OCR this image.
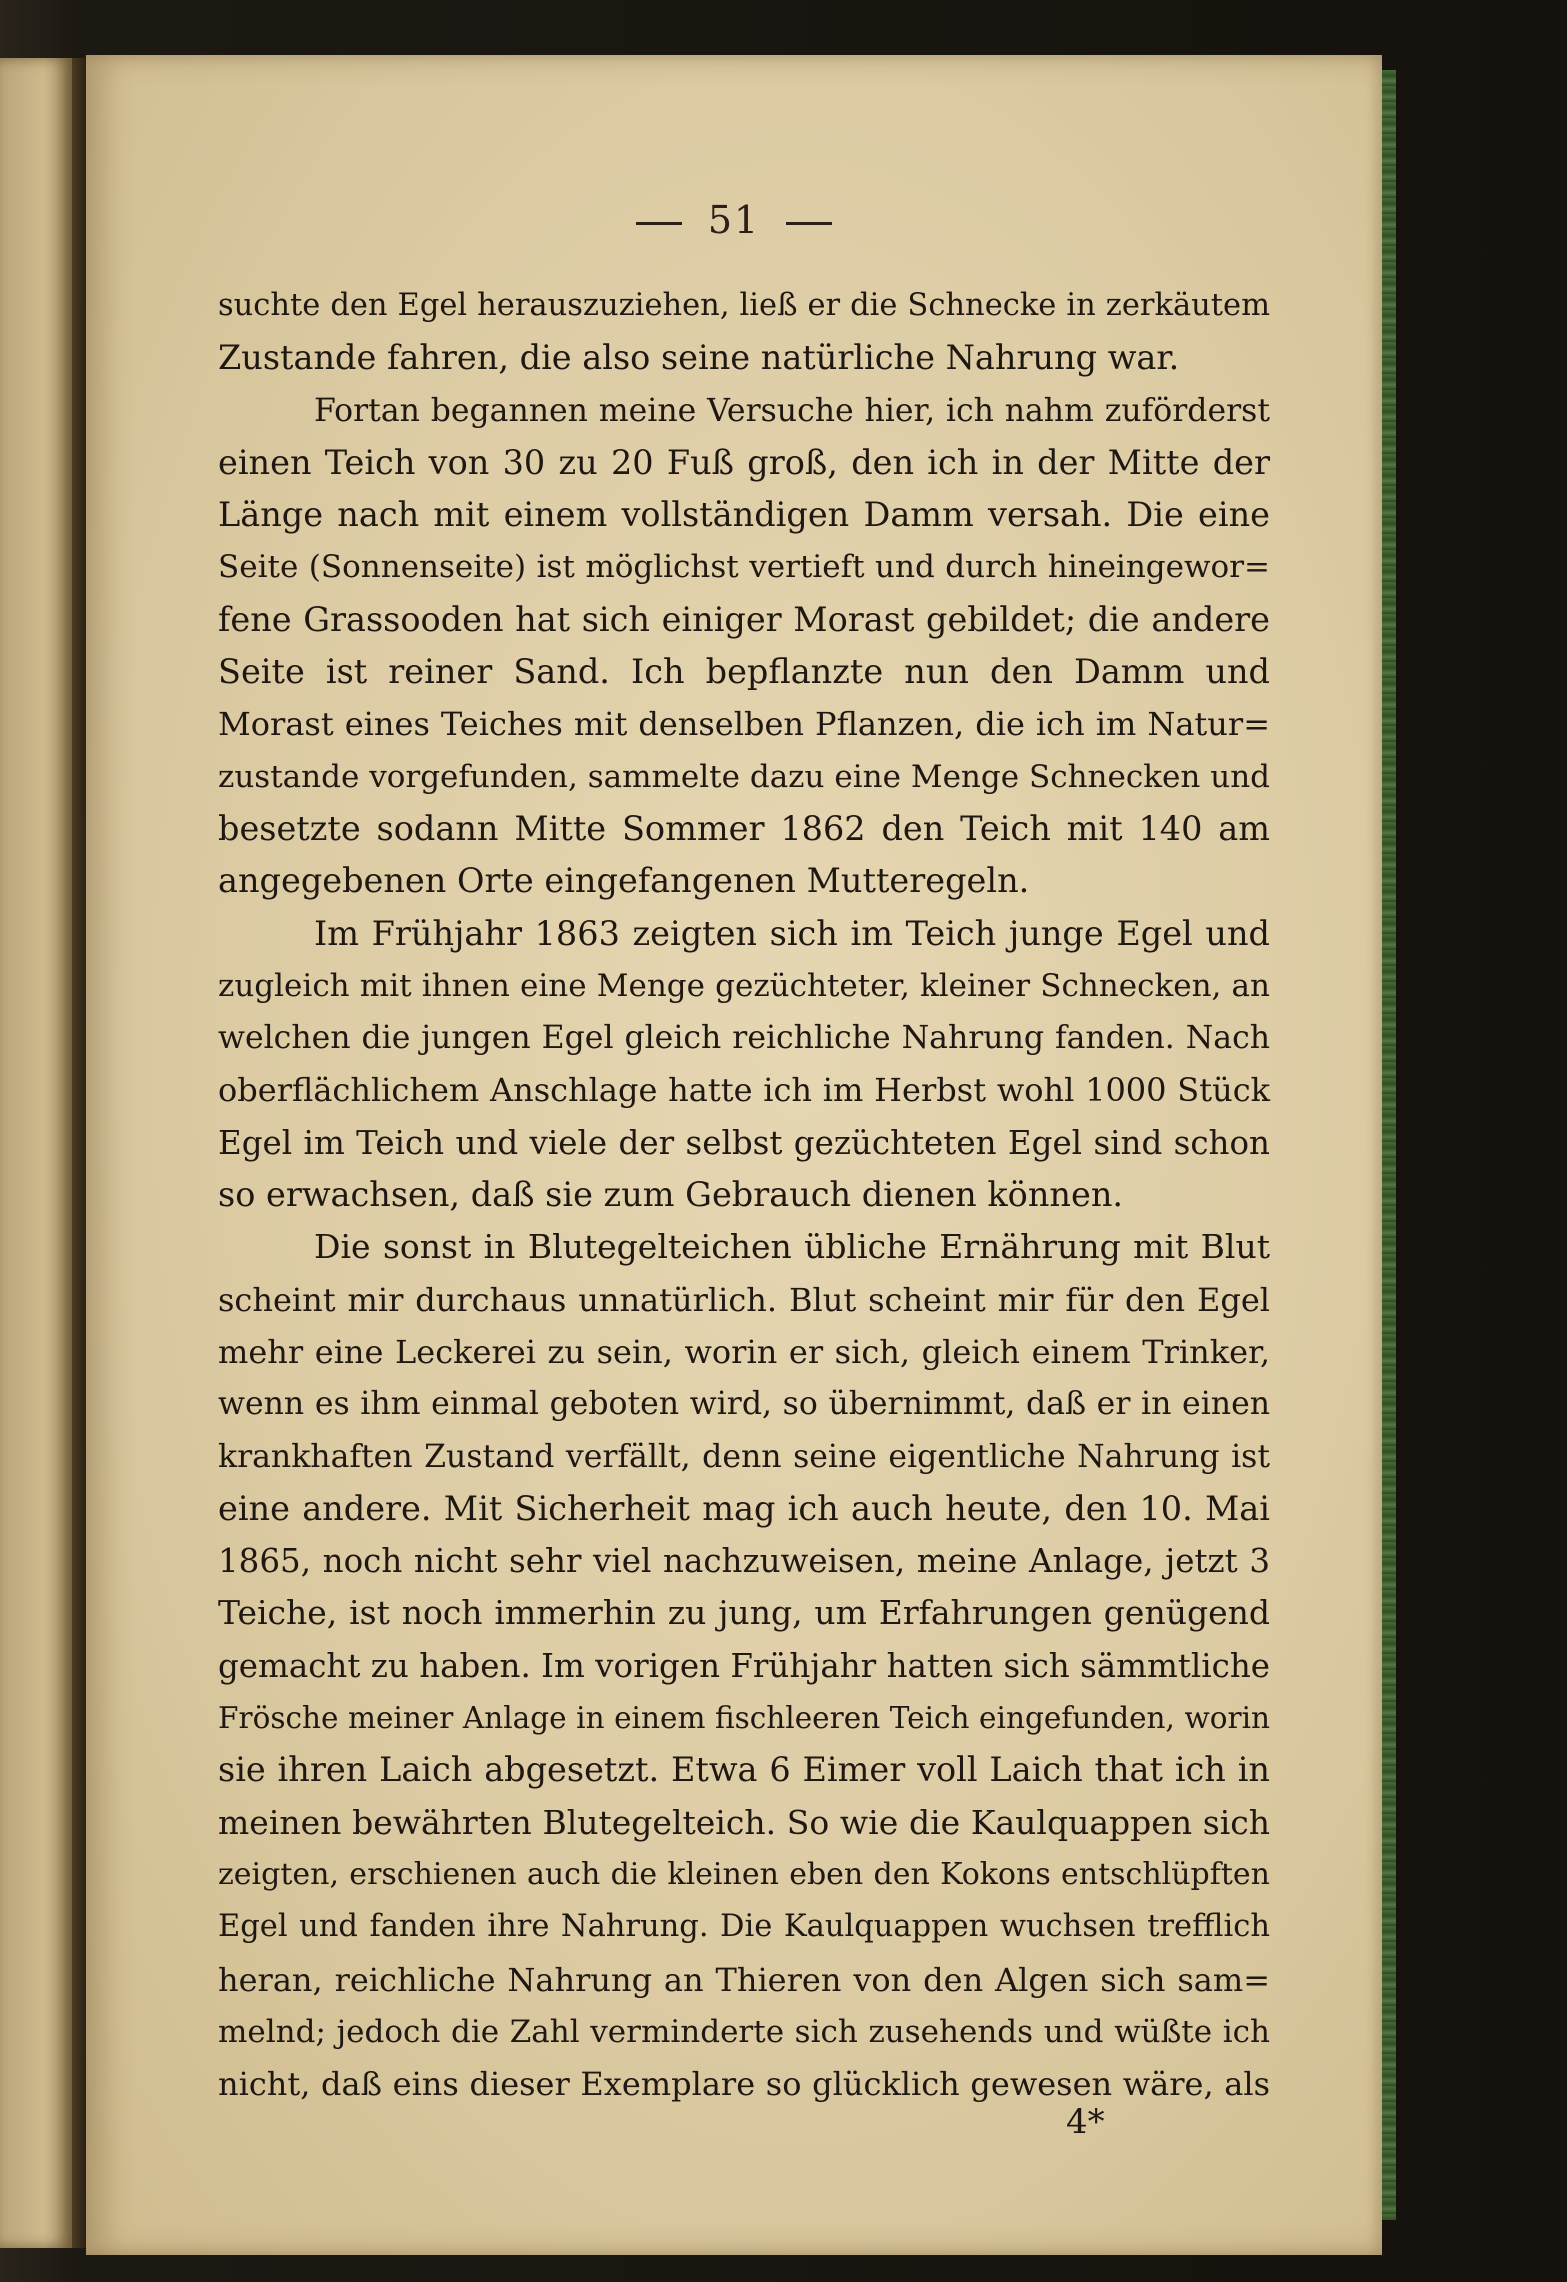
51
suchte den Egel herauszuziehen, ließ er die Schnecke in zerkäutem
Zustande fahren, die also seine natürliche Nahrung war.
Fortan begannen meine Versuche hier, ich nahm zuförderst
einen Teich von 30 zu 20 Fuß groß, den ich in der Mitte der
Länge nach mit einem vollständigen Damm versah. Die eine
Seite (Sonnenseite) ist möglichst vertieft und durch hineingewor=
fene Grassooden hat sich einiger Morast gebildet; die andere
Seite ist reiner Sand. Ich bepflanzte nun den Damm und
Morast eines Teiches mit denselben Pflanzen, die ich im Natur=
zustande vorgefunden, sammelte dazu eine Menge Schnecken und
besetzte sodann Mitte Sommer 1862 den Teich mit 140 am
angegebenen Orte eingefangenen Mutteregeln.
Im Frühjahr 1863 zeigten sich im Teich junge Egel und
zugleich mit ihnen eine Menge gezüchteter, kleiner Schnecken, an
welchen die jungen Egel gleich reichliche Nahrung fanden. Nach
oberflächlichem Anschlage hatte ich im Herbst wohl 1000 Stück
Egel im Teich und viele der selbst gezüchteten Egel sind schon
so erwachsen, daß sie zum Gebrauch dienen können.
Die sonst in Blutegelteichen übliche Ernährung mit Blut
scheint mir durchaus unnatürlich. Blut scheint mir für den Egel
mehr eine Leckerei zu sein, worin er sich, gleich einem Trinker,
wenn es ihm einmal geboten wird, so übernimmt, daß er in einen
krankhaften Zustand verfällt, denn seine eigentliche Nahrung ist
eine andere. Mit Sicherheit mag ich auch heute, den 10. Mai
1865, noch nicht sehr viel nachzuweisen, meine Anlage, jetzt 3
Teiche, ist noch immerhin zu jung, um Erfahrungen genügend
gemacht zu haben. Im vorigen Frühjahr hatten sich sämmtliche
Frösche meiner Anlage in einem fischleeren Teich eingefunden, worin
sie ihren Laich abgesetzt. Etwa 6 Eimer voll Laich that ich in
meinen bewährten Blutegelteich. So wie die Kaulquappen sich
zeigten, erschienen auch die kleinen eben den Kokons entschlüpften
Egel und fanden ihre Nahrung. Die Kaulquappen wuchsen trefflich
heran, reichliche Nahrung an Thieren von den Algen sich sam=
melnd; jedoch die Zahl verminderte sich zusehends und wüßte ich
nicht, daß eins dieser Exemplare so glücklich gewesen wäre, als
4*
